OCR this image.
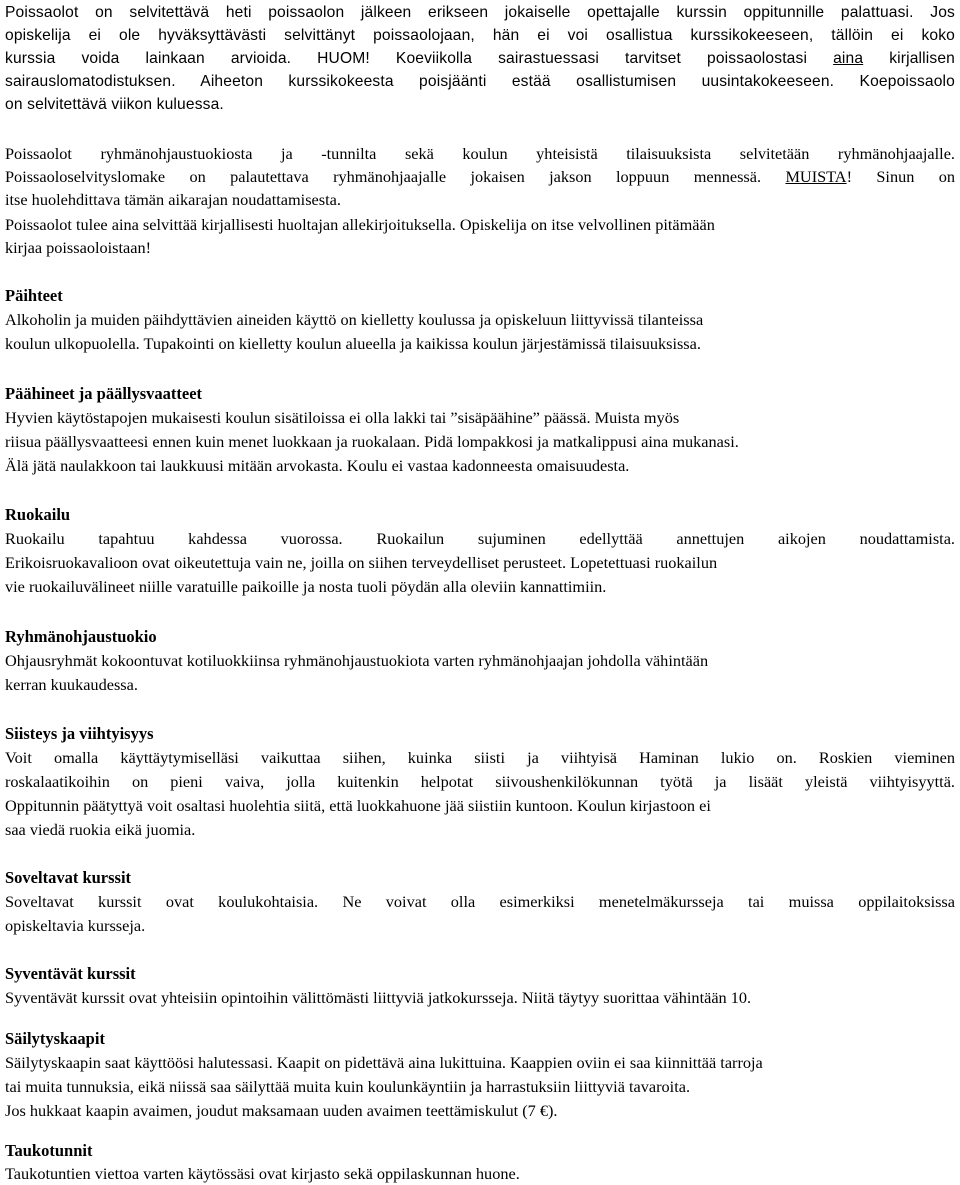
Poissaolot on selvitettävä heti poissaolon jälkeen erikseen jokaiselle opettajalle kurssin oppitunnille palattuasi. Jos
opiskelija ei ole hyväksyttävästi selvittänyt poissaolojaan, hän ei voi osallistua kurssikokeeseen, tällöin ei koko
kurssia voida lainkaan arvioida. HUOM! Koeviikolla sairastuessasi tarvitset poissaolostasi aina kirjallisen
sairauslomatodistuksen. Aiheeton kurssikokeesta poisjäänti estää osallistumisen uusintakokeeseen. Koepoissaolo
on selvitettävä viikon kuluessa.
Poissaolot ryhmänohjaustuokiosta ja -tunnilta sekä koulun yhteisistä tilaisuuksista selvitetään ryhmänohjaajalle.
Poissaoloselvityslomake on palautettava ryhmänohjaajalle jokaisen jakson loppuun mennessä. MUISTA! Sinun on
itse huolehdittava tämän aikarajan noudattamisesta.
Poissaolot tulee aina selvittää kirjallisesti huoltajan allekirjoituksella. Opiskelija on itse velvollinen pitämään
kirjaa poissaoloistaan!
Päihteet
Alkoholin ja muiden päihdyttävien aineiden käyttö on kielletty koulussa ja opiskeluun liittyvissä tilanteissa
koulun ulkopuolella. Tupakointi on kielletty koulun alueella ja kaikissa koulun järjestämissä tilaisuuksissa.
Päähineet ja päällysvaatteet
Hyvien käytöstapojen mukaisesti koulun sisätiloissa ei olla lakki tai ”sisäpäähine” päässä. Muista myös
riisua päällysvaatteesi ennen kuin menet luokkaan ja ruokalaan. Pidä lompakkosi ja matkalippusi aina mukanasi.
Älä jätä naulakkoon tai laukkuusi mitään arvokasta. Koulu ei vastaa kadonneesta omaisuudesta.
Ruokailu
Ruokailu tapahtuu kahdessa vuorossa. Ruokailun sujuminen edellyttää annettujen aikojen noudattamista.
Erikoisruokavalioon ovat oikeutettuja vain ne, joilla on siihen terveydelliset perusteet. Lopetettuasi ruokailun
vie ruokailuvälineet niille varatuille paikoille ja nosta tuoli pöydän alla oleviin kannattimiin.
Ryhmänohjaustuokio
Ohjausryhmät kokoontuvat kotiluokkiinsa ryhmänohjaustuokiota varten ryhmänohjaajan johdolla vähintään
kerran kuukaudessa.
Siisteys ja viihtyisyys
Voit omalla käyttäytymiselläsi vaikuttaa siihen, kuinka siisti ja viihtyisä Haminan lukio on. Roskien vieminen
roskalaatikoihin on pieni vaiva, jolla kuitenkin helpotat siivoushenkilökunnan työtä ja lisäät yleistä viihtyisyyttä.
Oppitunnin päätyttyä voit osaltasi huolehtia siitä, että luokkahuone jää siistiin kuntoon. Koulun kirjastoon ei
saa viedä ruokia eikä juomia.
Soveltavat kurssit
Soveltavat kurssit ovat koulukohtaisia. Ne voivat olla esimerkiksi menetelmäkursseja tai muissa oppilaitoksissa
opiskeltavia kursseja.
Syventävät kurssit
Syventävät kurssit ovat yhteisiin opintoihin välittömästi liittyviä jatkokursseja. Niitä täytyy suorittaa vähintään 10.
Säilytyskaapit
Säilytyskaapin saat käyttöösi halutessasi. Kaapit on pidettävä aina lukittuina. Kaappien oviin ei saa kiinnittää tarroja
tai muita tunnuksia, eikä niissä saa säilyttää muita kuin koulunkäyntiin ja harrastuksiin liittyviä tavaroita.
Jos hukkaat kaapin avaimen, joudut maksamaan uuden avaimen teettämiskulut (7 €).
Taukotunnit
Taukotuntien viettoa varten käytössäsi ovat kirjasto sekä oppilaskunnan huone.
